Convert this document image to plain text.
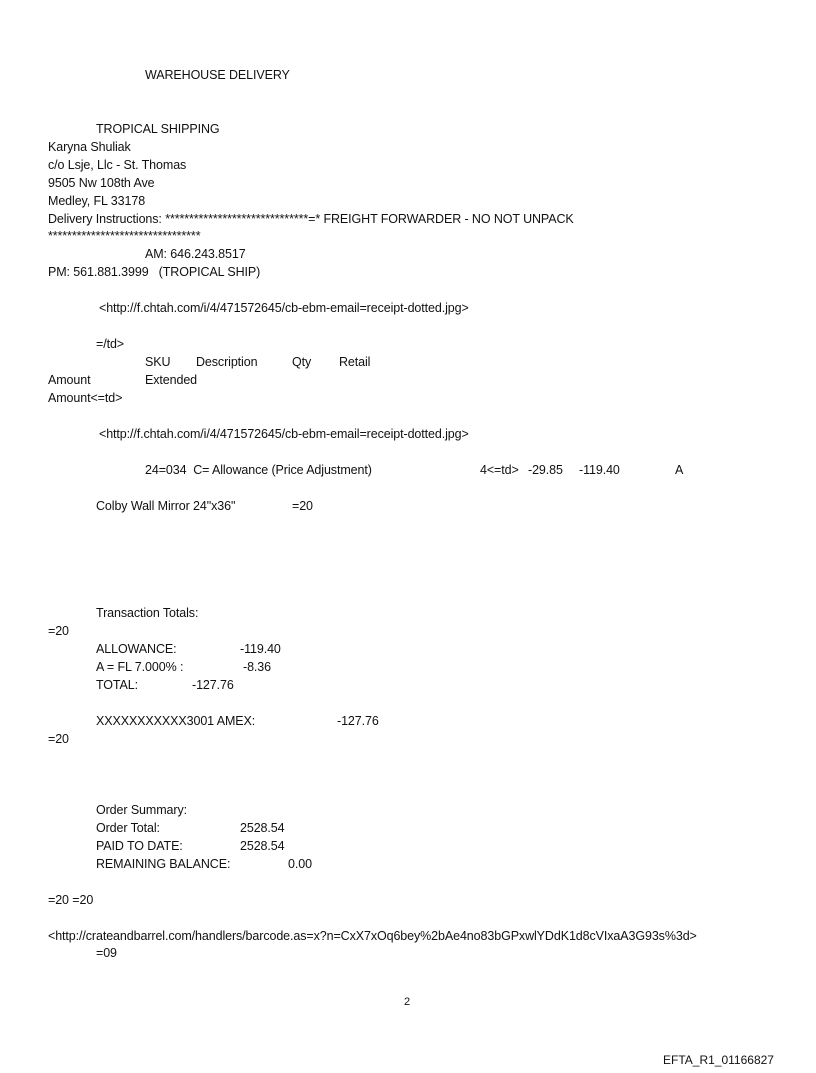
WAREHOUSE DELIVERY
TROPICAL SHIPPING
Karyna Shuliak
c/o Lsje, Llc - St. Thomas
9505 Nw 108th Ave
Medley, FL 33178
Delivery Instructions: ******************************=* FREIGHT FORWARDER - NO NOT UNPACK
********************************
AM: 646.243.8517
PM: 561.881.3999   (TROPICAL SHIP)
<http://f.chtah.com/i/4/471572645/cb-ebm-email=receipt-dotted.jpg>
=/td>
SKU Description	Qty Retail
Amount	Extended
Amount<=td>
<http://f.chtah.com/i/4/471572645/cb-ebm-email=receipt-dotted.jpg>
24=034  C= Allowance (Price Adjustment)	4<=td> -29.85 -119.40	A
Colby Wall Mirror 24"x36"	=20
Transaction Totals:
=20
ALLOWANCE:	-119.40
A = FL 7.000% :	-8.36
TOTAL:	-127.76
XXXXXXXXXXX3001 AMEX:	-127.76
=20
Order Summary:
Order Total:	2528.54
PAID TO DATE:	2528.54
REMAINING BALANCE:	0.00
=20 =20
<http://crateandbarrel.com/handlers/barcode.as=x?n=CxX7xOq6bey%2bAe4no83bGPxwlYDdK1d8cVIxaA3G93s%3d>
=09
2
EFTA_R1_01166827
